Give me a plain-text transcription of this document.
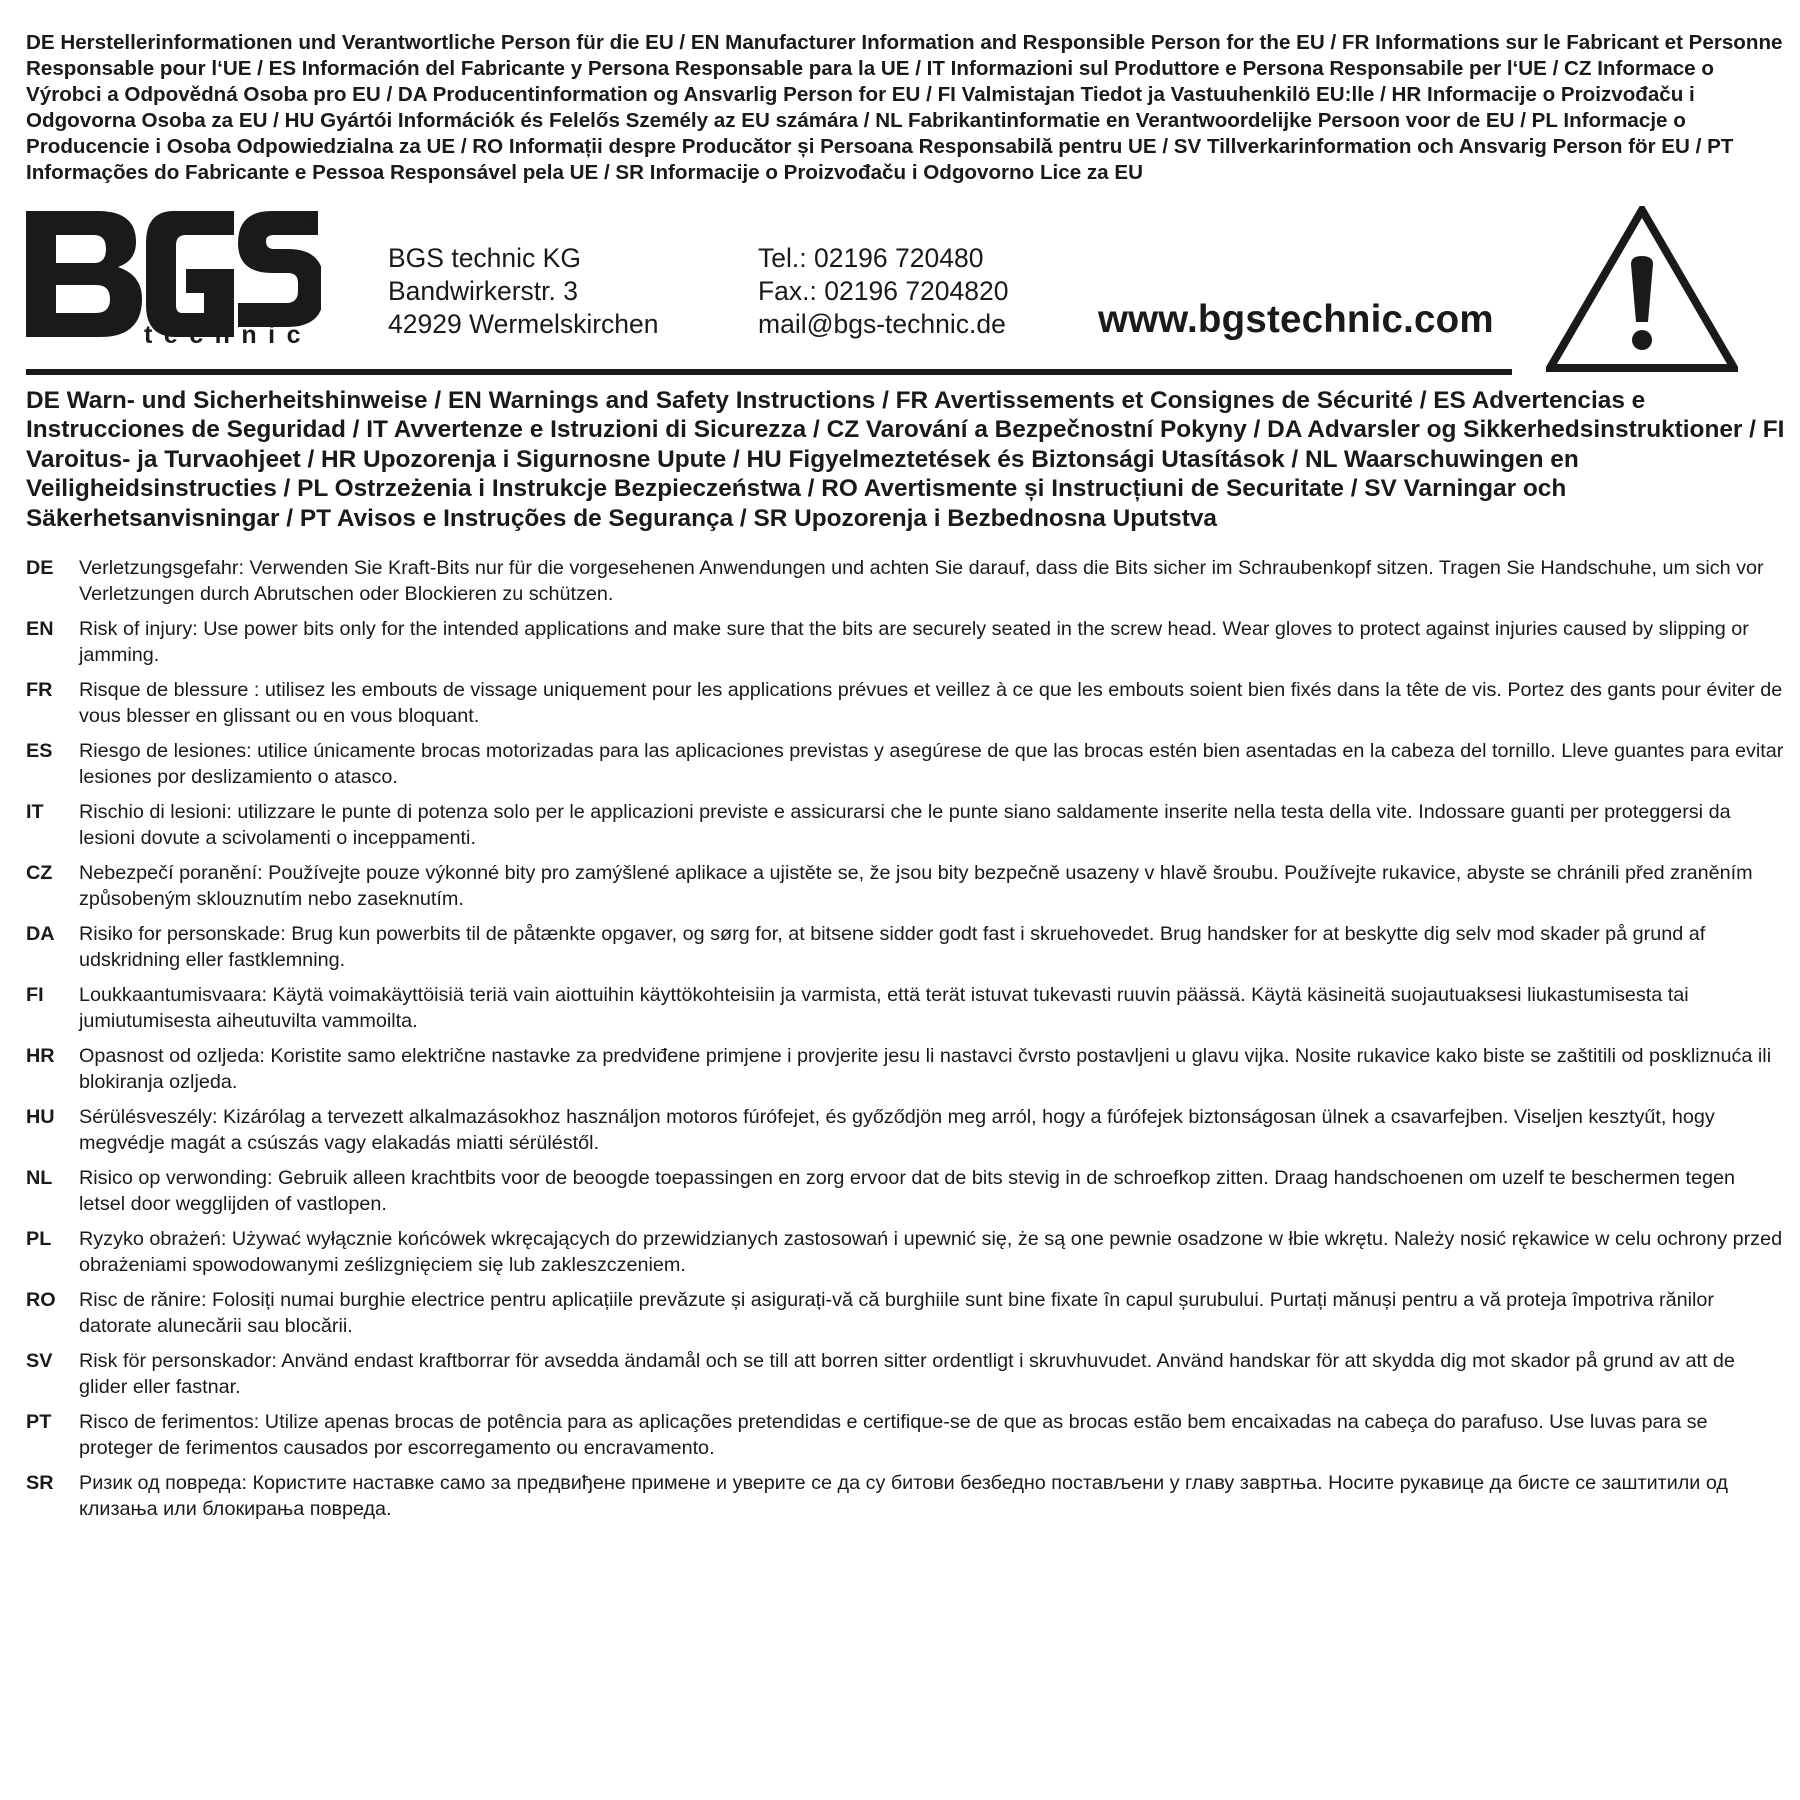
DE Herstellerinformationen und Verantwortliche Person für die EU / EN Manufacturer Information and Responsible Person for the EU / FR Informations sur le Fabricant et Personne Responsable pour l‘UE / ES Información del Fabricante y Persona Responsable para la UE / IT Informazioni sul Produttore e Persona Responsabile per l‘UE / CZ Informace o Výrobci a Odpovědná Osoba pro EU / DA Producentinformation og Ansvarlig Person for EU / FI Valmistajan Tiedot ja Vastuuhenkilö EU:lle / HR Informacije o Proizvođaču i Odgovorna Osoba za EU / HU Gyártói Információk és Felelős Személy az EU számára / NL Fabrikantinformatie en Verantwoordelijke Persoon voor de EU / PL Informacje o Producencie i Osoba Odpowiedzialna za UE / RO Informații despre Producător și Persoana Responsabilă pentru UE / SV Tillverkarinformation och Ansvarig Person för EU / PT Informações do Fabricante e Pessoa Responsável pela UE / SR Informacije o Proizvođaču i Odgovorno Lice za EU

technic
®
BGS technic KG
Bandwirkerstr. 3
42929 Wermelskirchen
Tel.: 02196 720480
Fax.: 02196 7204820
mail@bgs-technic.de www.bgstechnic.com

DE Warn- und Sicherheitshinweise / EN Warnings and Safety Instructions / FR Avertissements et Consignes de Sécurité / ES Advertencias e Instrucciones de Seguridad / IT Avvertenze e Istruzioni di Sicurezza / CZ Varování a Bezpečnostní Pokyny / DA Advarsler og Sikkerhedsinstruktioner / FI Varoitus- ja Turvaohjeet / HR Upozorenja i Sigurnosne Upute / HU Figyelmeztetések és Biztonsági Utasítások / NL Waarschuwingen en Veiligheidsinstructies / PL Ostrzeżenia i Instrukcje Bezpieczeństwa / RO Avertismente și Instrucțiuni de Securitate / SV Varningar och Säkerhetsanvisningar / PT Avisos e Instruções de Segurança / SR Upozorenja i Bezbednosna Uputstva

DE	Verletzungsgefahr: Verwenden Sie Kraft-Bits nur für die vorgesehenen Anwendungen und achten Sie darauf, dass die Bits sicher im Schraubenkopf sitzen. Tragen Sie Handschuhe, um sich vor Verletzungen durch Abrutschen oder Blockieren zu schützen.
EN	Risk of injury: Use power bits only for the intended applications and make sure that the bits are securely seated in the screw head. Wear gloves to protect against injuries caused by slipping or jamming.
FR	Risque de blessure : utilisez les embouts de vissage uniquement pour les applications prévues et veillez à ce que les embouts soient bien fixés dans la tête de vis. Portez des gants pour éviter de vous blesser en glissant ou en vous bloquant.
ES	Riesgo de lesiones: utilice únicamente brocas motorizadas para las aplicaciones previstas y asegúrese de que las brocas estén bien asentadas en la cabeza del tornillo. Lleve guantes para evitar lesiones por deslizamiento o atasco.
IT	Rischio di lesioni: utilizzare le punte di potenza solo per le applicazioni previste e assicurarsi che le punte siano saldamente inserite nella testa della vite. Indossare guanti per proteggersi da lesioni dovute a scivolamenti o inceppamenti.
CZ	Nebezpečí poranění: Používejte pouze výkonné bity pro zamýšlené aplikace a ujistěte se, že jsou bity bezpečně usazeny v hlavě šroubu. Používejte rukavice, abyste se chránili před zraněním způsobeným sklouznutím nebo zaseknutím.
DA	Risiko for personskade: Brug kun powerbits til de påtænkte opgaver, og sørg for, at bitsene sidder godt fast i skruehovedet. Brug handsker for at beskytte dig selv mod skader på grund af udskridning eller fastklemning.
FI	Loukkaantumisvaara: Käytä voimakäyttöisiä teriä vain aiottuihin käyttökohteisiin ja varmista, että terät istuvat tukevasti ruuvin päässä. Käytä käsineitä suojautuaksesi liukastumisesta tai jumiutumisesta aiheutuvilta vammoilta.
HR	Opasnost od ozljeda: Koristite samo električne nastavke za predviđene primjene i provjerite jesu li nastavci čvrsto postavljeni u glavu vijka. Nosite rukavice kako biste se zaštitili od poskliznuća ili blokiranja ozljeda.
HU	Sérülésveszély: Kizárólag a tervezett alkalmazásokhoz használjon motoros fúrófejet, és győződjön meg arról, hogy a fúrófejek biztonságosan ülnek a csavarfejben. Viseljen kesztyűt, hogy megvédje magát a csúszás vagy elakadás miatti sérüléstől.
NL	Risico op verwonding: Gebruik alleen krachtbits voor de beoogde toepassingen en zorg ervoor dat de bits stevig in de schroefkop zitten. Draag handschoenen om uzelf te beschermen tegen letsel door wegglijden of vastlopen.
PL	Ryzyko obrażeń: Używać wyłącznie końcówek wkręcających do przewidzianych zastosowań i upewnić się, że są one pewnie osadzone w łbie wkrętu. Należy nosić rękawice w celu ochrony przed obrażeniami spowodowanymi ześlizgnięciem się lub zakleszczeniem.
RO	Risc de rănire: Folosiți numai burghie electrice pentru aplicațiile prevăzute și asigurați-vă că burghiile sunt bine fixate în capul șurubului. Purtați mănuși pentru a vă proteja împotriva rănilor datorate alunecării sau blocării.
SV	Risk för personskador: Använd endast kraftborrar för avsedda ändamål och se till att borren sitter ordentligt i skruvhuvudet. Använd handskar för att skydda dig mot skador på grund av att de glider eller fastnar.
PT	Risco de ferimentos: Utilize apenas brocas de potência para as aplicações pretendidas e certifique-se de que as brocas estão bem encaixadas na cabeça do parafuso. Use luvas para se proteger de ferimentos causados por escorregamento ou encravamento.
SR	Ризик од повреда: Користите наставке само за предвиђене примене и уверите се да су битови безбедно постављени у главу завртња. Носите рукавице да бисте се заштитили од клизања или блокирања повреда.
